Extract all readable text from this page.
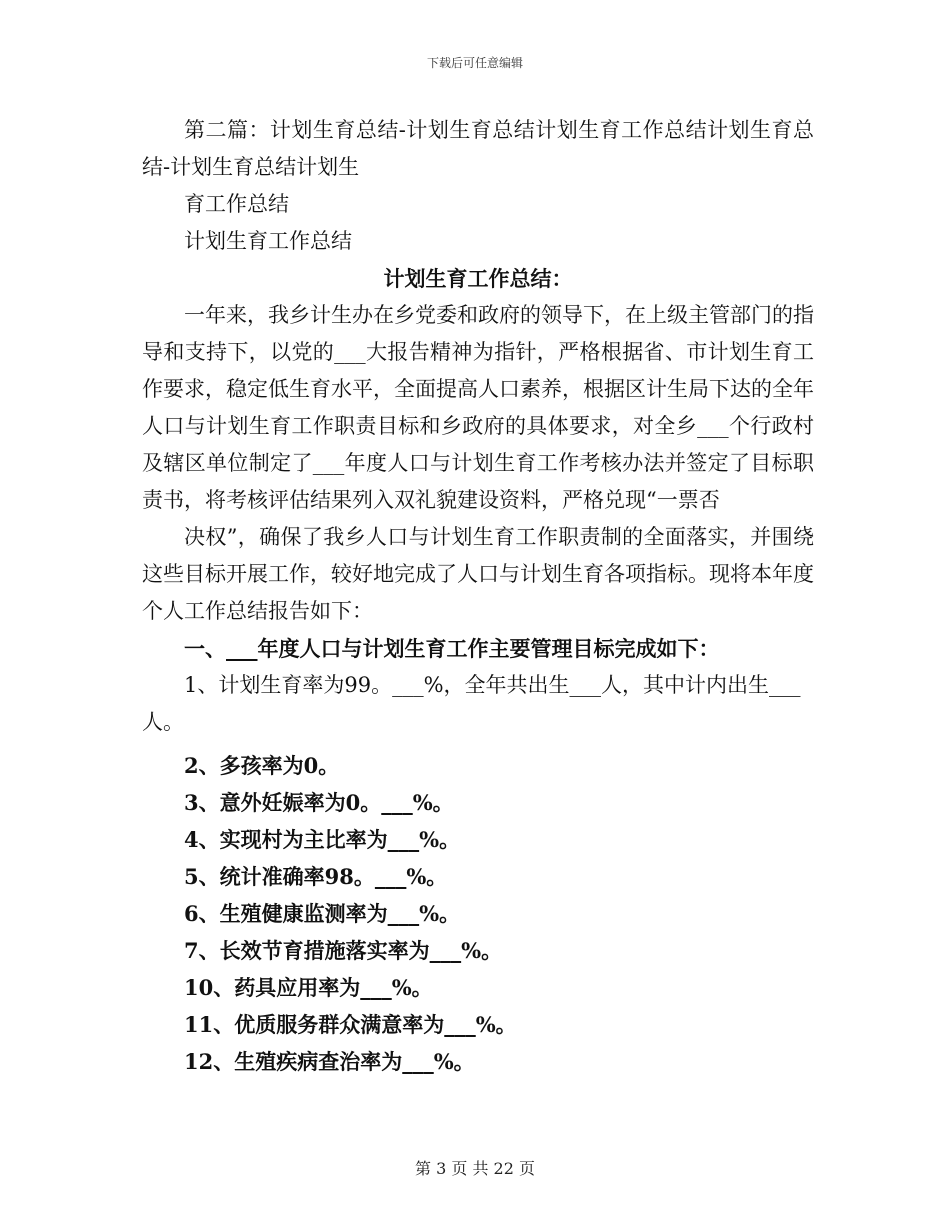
下载后可任意编辑

第二篇：计划生育总结-计划生育总结计划生育工作总结计划生育总结-计划生育总结计划生

育工作总结

计划生育工作总结

计划生育工作总结：

一年来，我乡计生办在乡党委和政府的领导下，在上级主管部门的指导和支持下，以党的___大报告精神为指针，严格根据省、市计划生育工作要求，稳定低生育水平，全面提高人口素养，根据区计生局下达的全年人口与计划生育工作职责目标和乡政府的具体要求，对全乡___个行政村及辖区单位制定了___年度人口与计划生育工作考核办法并签定了目标职责书，将考核评估结果列入双礼貌建设资料，严格兑现“一票否

决权”，确保了我乡人口与计划生育工作职责制的全面落实，并围绕这些目标开展工作，较好地完成了人口与计划生育各项指标。现将本年度个人工作总结报告如下：

一、___年度人口与计划生育工作主要管理目标完成如下：

1、计划生育率为99。___%，全年共出生___人，其中计内出生___人。

2、多孩率为0。

3、意外妊娠率为0。___%。

4、实现村为主比率为___%。

5、统计准确率98。___%。

6、生殖健康监测率为___%。

7、长效节育措施落实率为___%。

10、药具应用率为___%。

11、优质服务群众满意率为___%。

12、生殖疾病查治率为___%。

第 3 页 共 22 页
